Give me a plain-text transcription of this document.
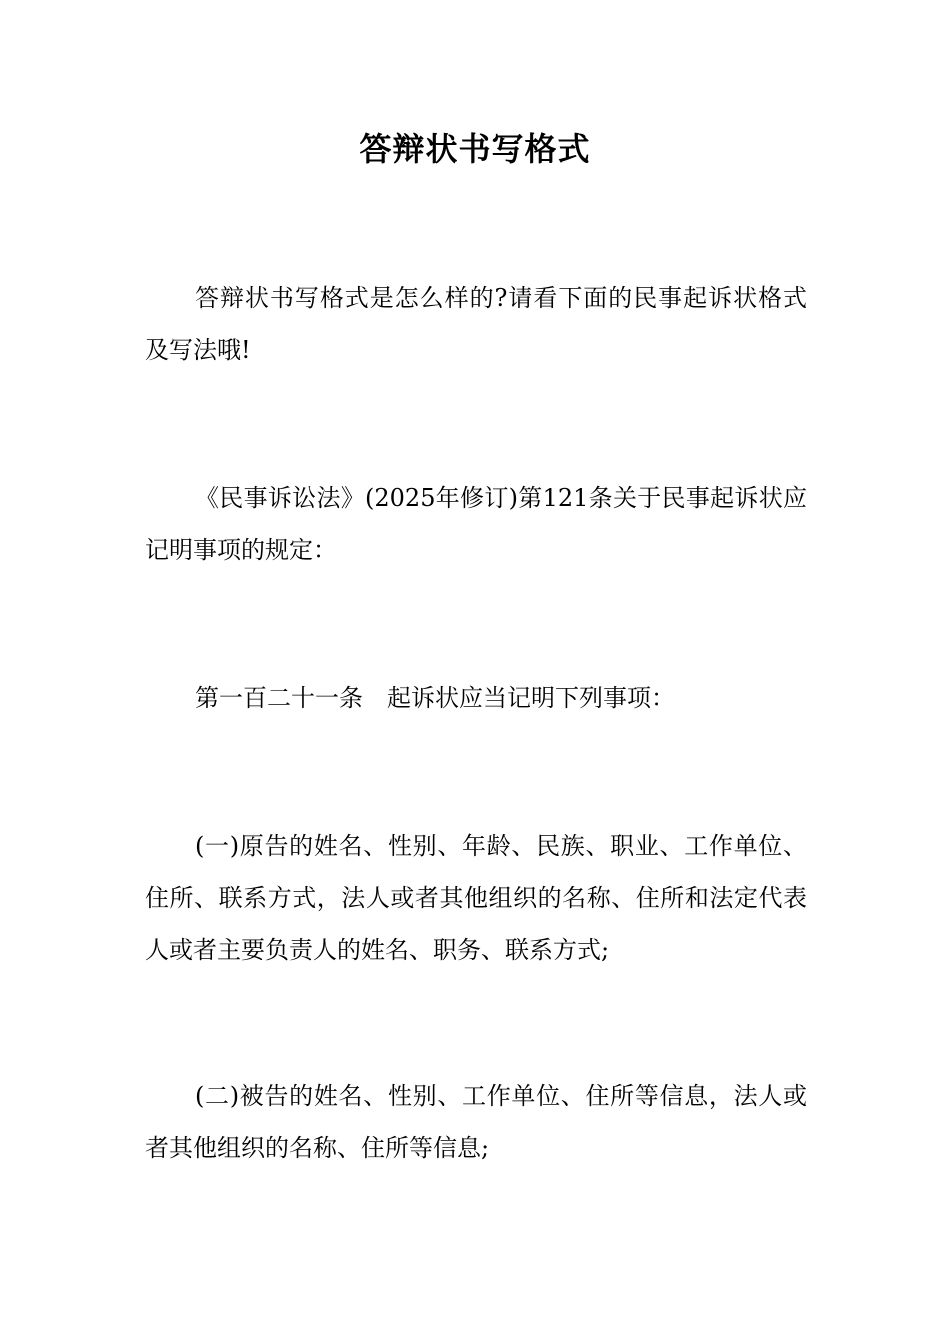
答辩状书写格式

答辩状书写格式是怎么样的?请看下面的民事起诉状格式及写法哦!

《民事诉讼法》(2025年修订)第121条关于民事起诉状应记明事项的规定：

第一百二十一条　起诉状应当记明下列事项：

(一)原告的姓名、性别、年龄、民族、职业、工作单位、住所、联系方式，法人或者其他组织的名称、住所和法定代表人或者主要负责人的姓名、职务、联系方式;

(二)被告的姓名、性别、工作单位、住所等信息，法人或者其他组织的名称、住所等信息;
